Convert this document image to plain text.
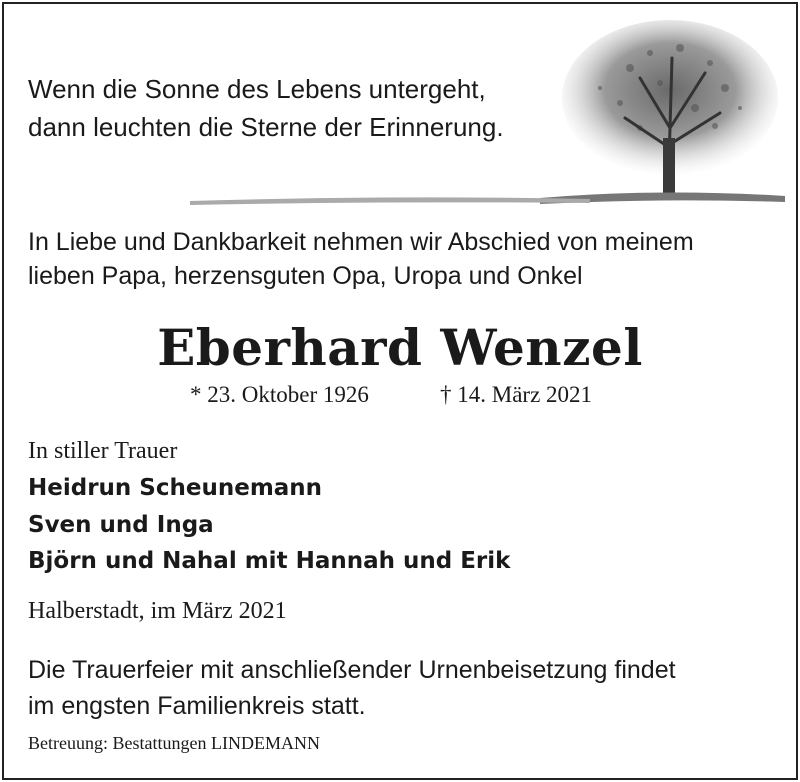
Wenn die Sonne des Lebens untergeht,
dann leuchten die Sterne der Erinnerung.
In Liebe und Dankbarkeit nehmen wir Abschied von meinem
lieben Papa, herzensguten Opa, Uropa und Onkel
Eberhard Wenzel
* 23. Oktober 1926	† 14. März 2021
In stiller Trauer
Heidrun Scheunemann
Sven und Inga
Björn und Nahal mit Hannah und Erik
Halberstadt, im März 2021
Die Trauerfeier mit anschließender Urnenbeisetzung findet
im engsten Familienkreis statt.
Betreuung: Bestattungen LINDEMANN
